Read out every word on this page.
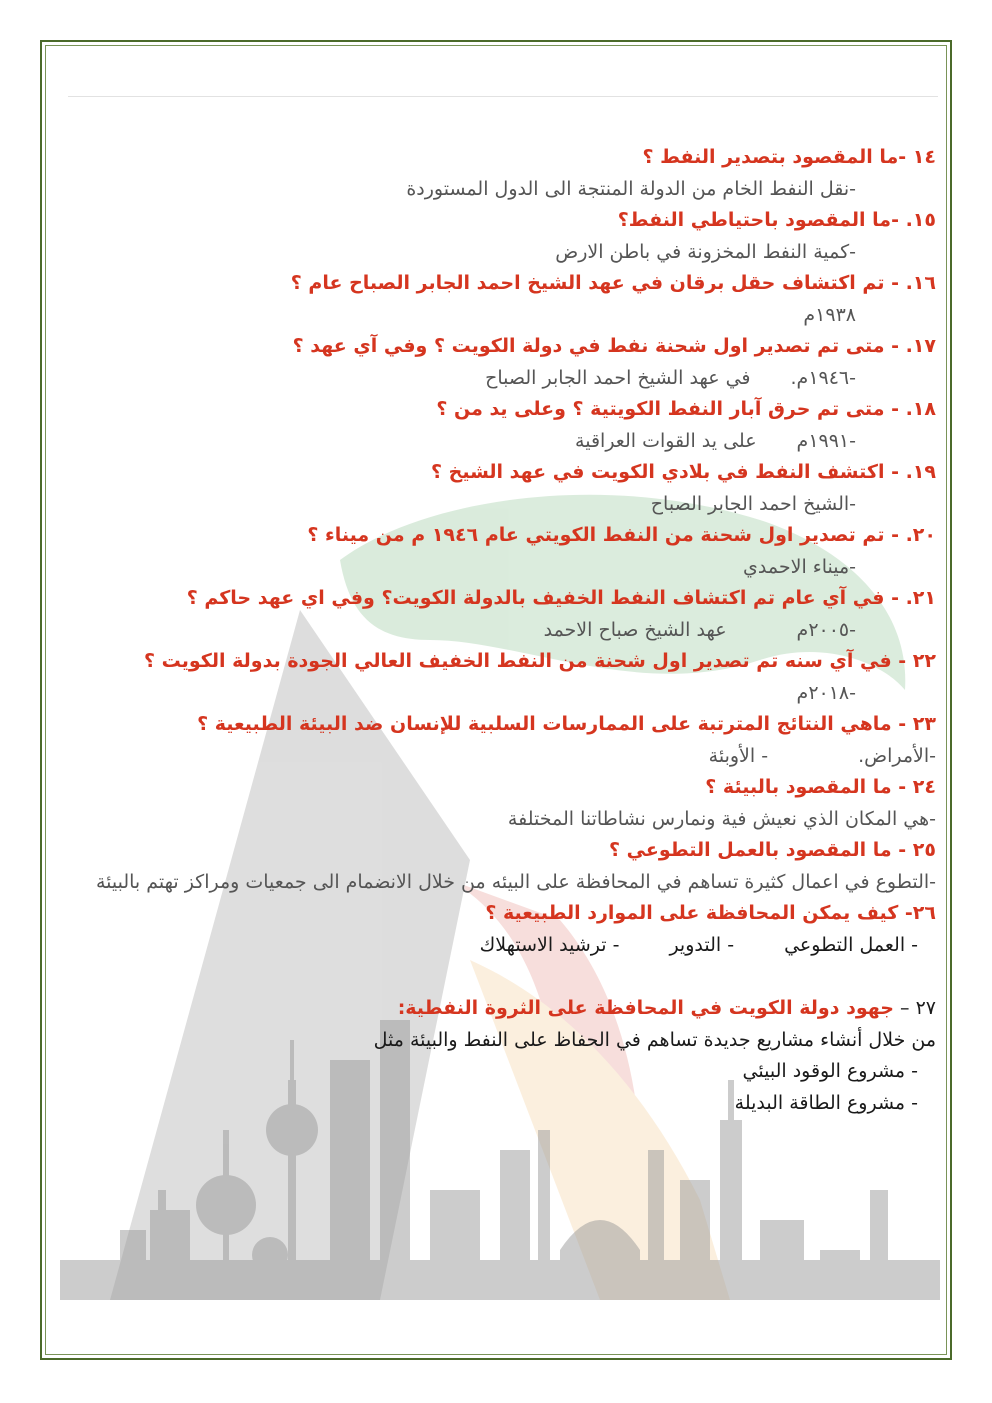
١٤ -ما المقصود بتصدير النفط ؟

-نقل النفط الخام من الدولة المنتجة الى الدول المستوردة

١٥. -ما المقصود باحتياطي النفط؟

-كمية النفط المخزونة في باطن الارض

١٦. - تم اكتشاف حقل برقان في عهد الشيخ احمد الجابر الصباح عام ؟

١٩٣٨م

١٧. - متى تم تصدير اول شحنة نفط في دولة الكويت ؟ وفي آي عهد ؟

-١٩٤٦م.في عهد الشيخ احمد الجابر الصباح

١٨. - متى تم حرق آبار النفط الكويتية ؟ وعلى يد من ؟

-١٩٩١معلى يد القوات العراقية

١٩. - اكتشف النفط في بلادي الكويت في عهد الشيخ ؟

-الشيخ احمد الجابر الصباح

٢٠. - تم تصدير اول شحنة من النفط الكويتي عام ١٩٤٦ م من ميناء ؟

-ميناء الاحمدي

٢١. - في آي عام تم اكتشاف النفط الخفيف بالدولة الكويت؟ وفي اي عهد حاكم ؟

-٢٠٠٥معهد الشيخ صباح الاحمد

٢٢ - في آي سنه تم تصدير اول شحنة من النفط الخفيف العالي الجودة بدولة الكويت ؟

-٢٠١٨م

٢٣ - ماهي النتائج المترتبة على الممارسات السلبية للإنسان ضد البيئة الطبيعية ؟

-الأمراض.- الأوبئة

٢٤ - ما المقصود بالبيئة ؟

-هي المكان الذي نعيش فية ونمارس نشاطاتنا المختلفة

٢٥ - ما المقصود بالعمل التطوعي ؟

-التطوع في اعمال كثيرة تساهم في المحافظة على البيئه من خلال الانضمام الى جمعيات ومراكز تهتم بالبيئة

٢٦- كيف يمكن المحافظة على الموارد الطبيعية ؟

- العمل التطوعي- التدوير- ترشيد الاستهلاك

٢٧ – جهود دولة الكويت في المحافظة على الثروة النفطية:

من خلال أنشاء مشاريع جديدة تساهم في الحفاظ على النفط والبيئة مثل

- مشروع الوقود البيئي

- مشروع الطاقة البديلة
